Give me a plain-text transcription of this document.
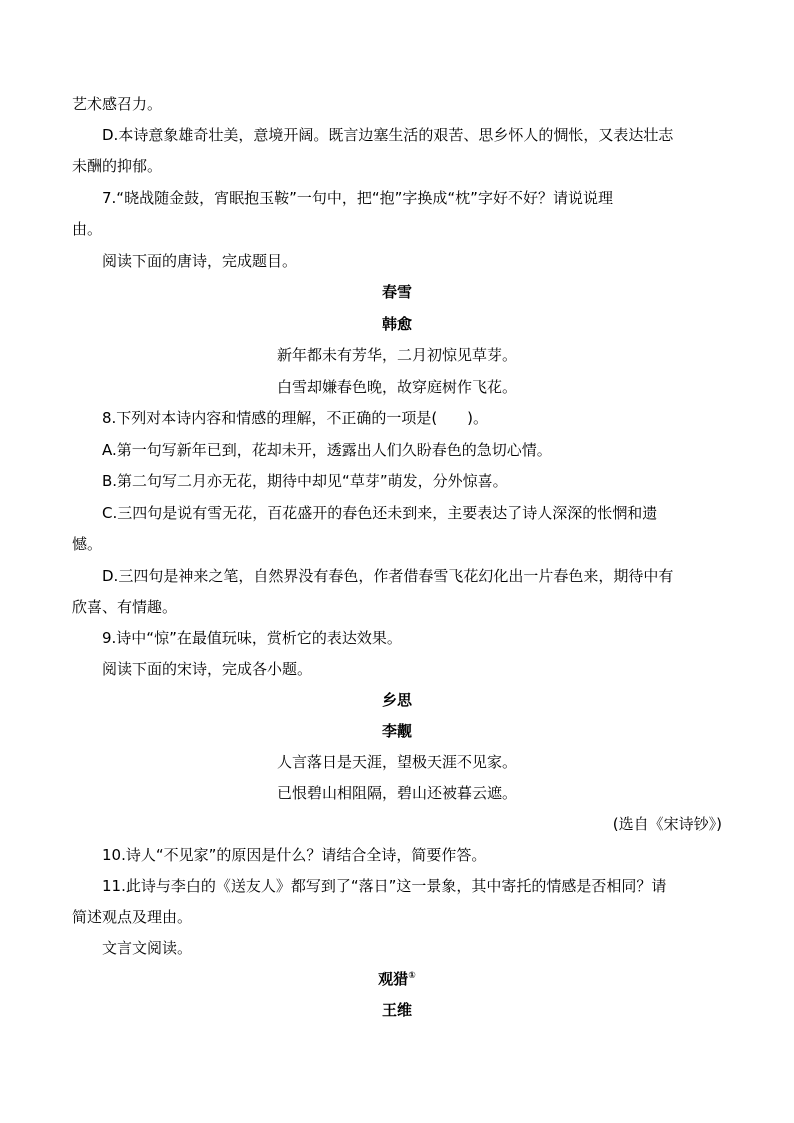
艺术感召力。
D.本诗意象雄奇壮美，意境开阔。既言边塞生活的艰苦、思乡怀人的惆怅，又表达壮志
未酬的抑郁。
7.“晓战随金鼓，宵眠抱玉鞍”一句中，把“抱”字换成“枕”字好不好？请说说理
由。
阅读下面的唐诗，完成题目。
春雪
韩愈
新年都未有芳华，二月初惊见草芽。
白雪却嫌春色晚，故穿庭树作飞花。
8.下列对本诗内容和情感的理解，不正确的一项是(　　)。
A.第一句写新年已到，花却未开，透露出人们久盼春色的急切心情。
B.第二句写二月亦无花，期待中却见“草芽”萌发，分外惊喜。
C.三四句是说有雪无花，百花盛开的春色还未到来，主要表达了诗人深深的怅惘和遗
憾。
D.三四句是神来之笔，自然界没有春色，作者借春雪飞花幻化出一片春色来，期待中有
欣喜、有情趣。
9.诗中“惊”在最值玩味，赏析它的表达效果。
阅读下面的宋诗，完成各小题。
乡思
李觏
人言落日是天涯，望极天涯不见家。
已恨碧山相阻隔，碧山还被暮云遮。
(选自《宋诗钞》)
10.诗人“不见家”的原因是什么？请结合全诗，简要作答。
11.此诗与李白的《送友人》都写到了“落日”这一景象，其中寄托的情感是否相同？请
简述观点及理由。
文言文阅读。
观猎①
王维
